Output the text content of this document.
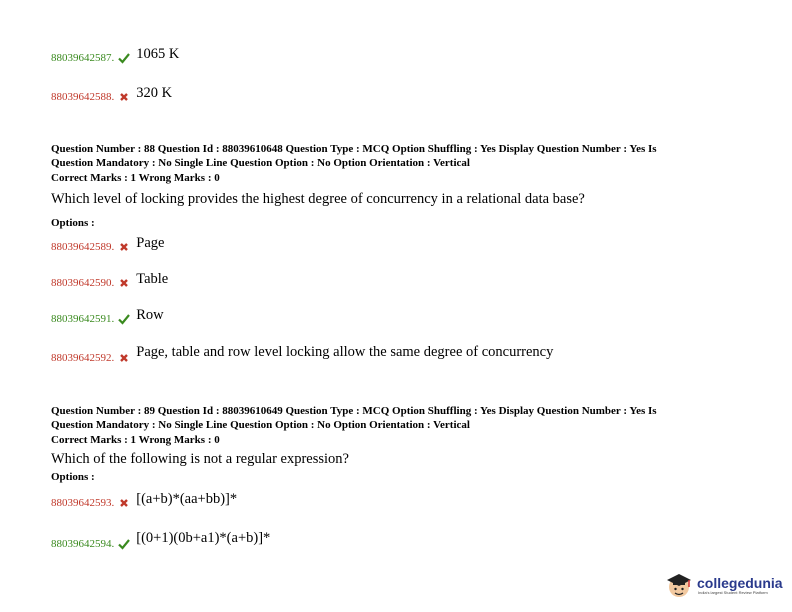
88039642587. 1065 K
88039642588. 320 K
Question Number : 88 Question Id : 88039610648 Question Type : MCQ Option Shuffling : Yes Display Question Number : Yes Is
Question Mandatory : No Single Line Question Option : No Option Orientation : Vertical
Correct Marks : 1 Wrong Marks : 0
Which level of locking provides the highest degree of concurrency in a relational data base?
Options :
88039642589. Page
88039642590. Table
88039642591. Row
88039642592. Page, table and row level locking allow the same degree of concurrency
Question Number : 89 Question Id : 88039610649 Question Type : MCQ Option Shuffling : Yes Display Question Number : Yes Is
Question Mandatory : No Single Line Question Option : No Option Orientation : Vertical
Correct Marks : 1 Wrong Marks : 0
Which of the following is not a regular expression?
Options :
88039642593. [(a+b)*(aa+bb)]*
88039642594. [(0+1)(0b+a1)*(a+b)]*
collegedunia
India's largest Student Review Platform
